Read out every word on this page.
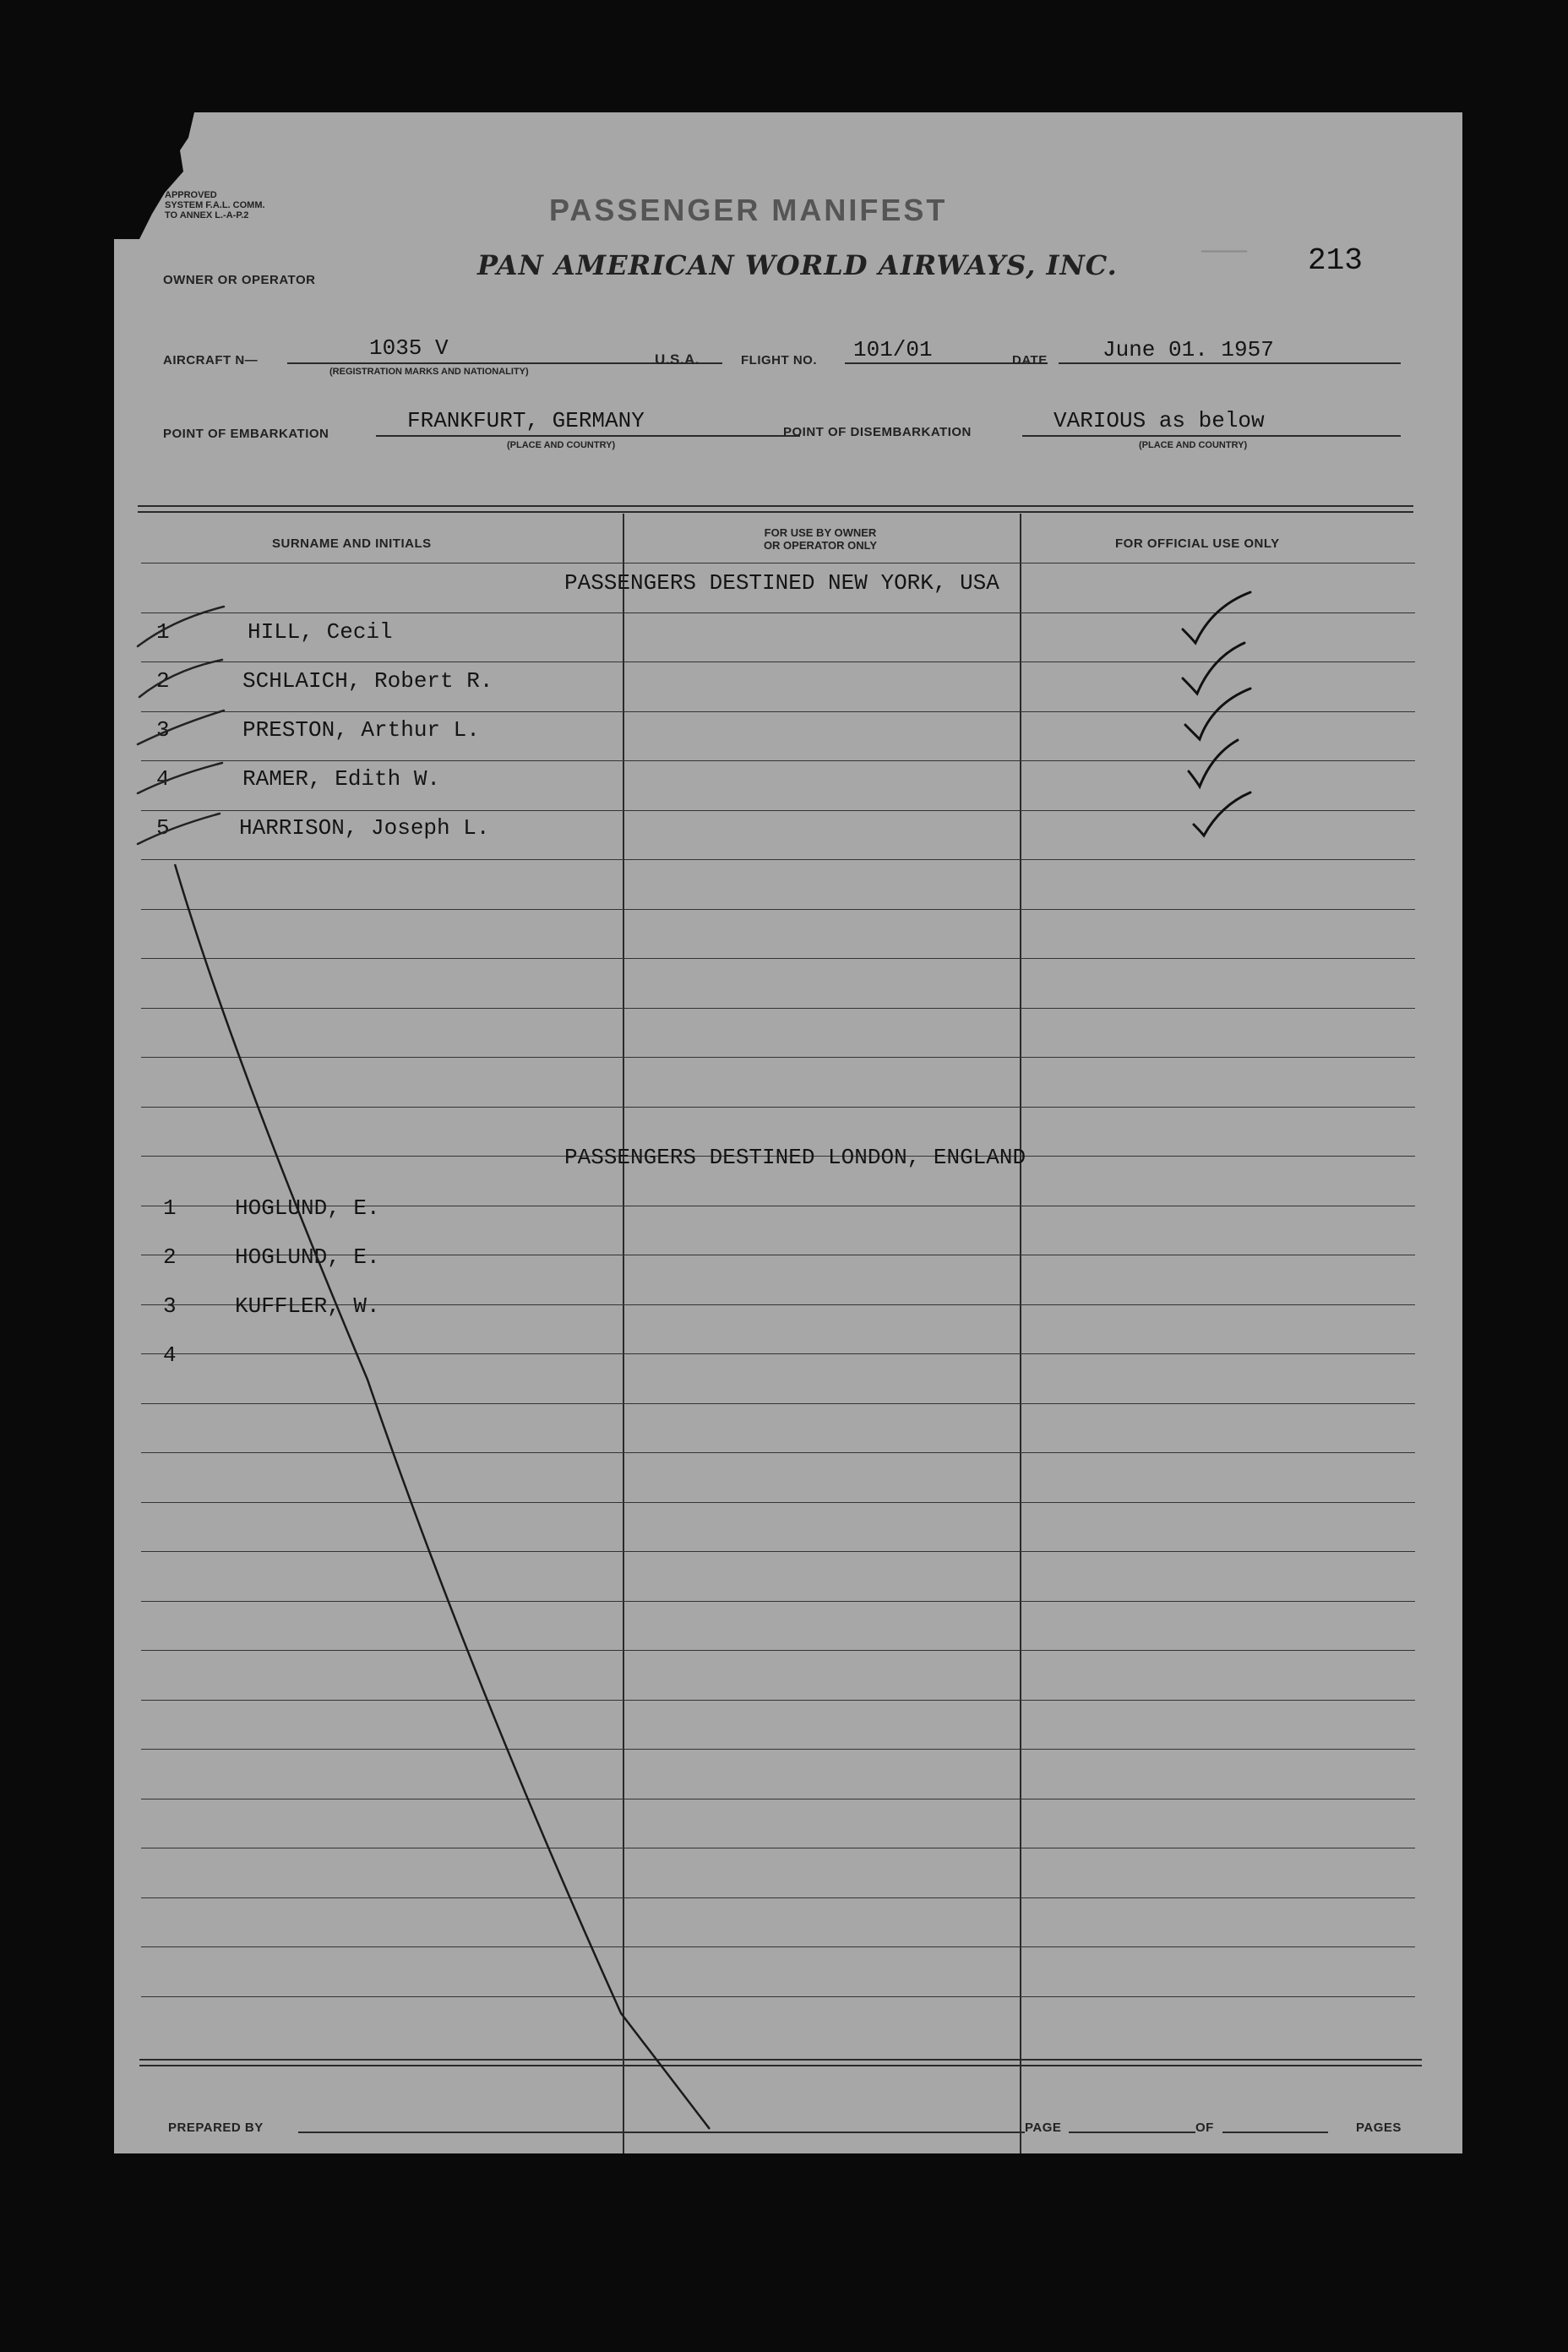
APPROVED
SYSTEM F.A.L. COMM.
TO ANNEX L.-A-P.2	PASSENGER MANIFEST
OWNER OR OPERATOR	PAN AMERICAN WORLD AIRWAYS, INC.	——— 213
AIRCRAFT N—	1035 V
(REGISTRATION MARKS AND NATIONALITY)
U.S.A.	FLIGHT NO. 101/01	DATE	June 01. 1957
POINT OF EMBARKATION
FRANKFURT, GERMANY
(PLACE AND COUNTRY)
POINT OF DISEMBARKATION	VARIOUS as below
(PLACE AND COUNTRY)
SURNAME AND INITIALS
FOR USE BY OWNER
OR OPERATOR ONLY	FOR OFFICIAL USE ONLY
PASSENGERS DESTINED NEW YORK, USA
1	HILL, Cecil
2	SCHLAICH, Robert R.
3	PRESTON, Arthur L.
4	RAMER, Edith W.
5	HARRISON, Joseph L.
PASSENGERS DESTINED LONDON, ENGLAND
1	HOGLUND, E.
2	HOGLUND, E.
3	KUFFLER, W.
4
PREPARED BY	PAGE	OF	PAGES
